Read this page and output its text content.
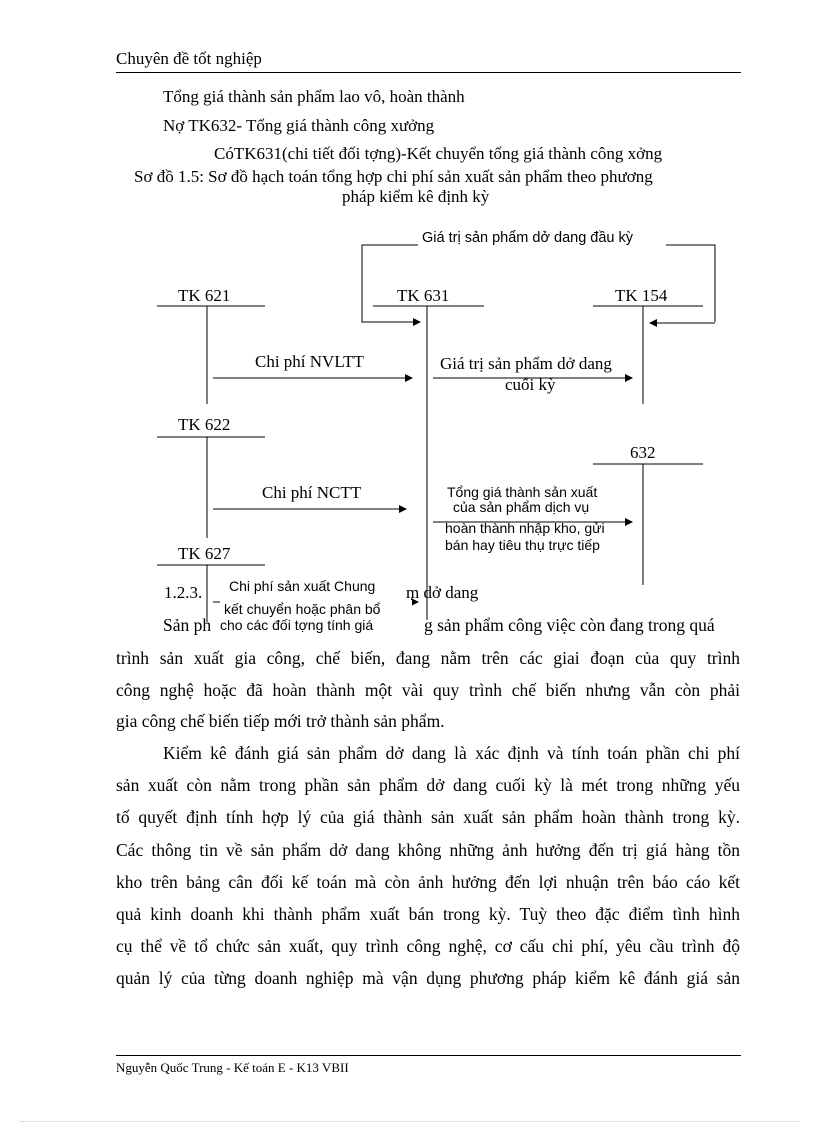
Chuyên đề tốt nghiệp
Tổng giá thành sản phẩm lao vô, hoàn thành
Nợ TK632- Tổng giá thành công xưởng
CóTK631(chi tiết đối tợng)-Kết chuyển tổng giá thành công xởng
Sơ đồ 1.5: Sơ đồ hạch toán tổng hợp chi phí sản xuất sản phẩm theo phương
pháp kiểm kê định kỳ
Giá trị sản phẩm dở dang đầu kỳ
TK 621	TK 631	TK 154
TK 622
632
TK 627
Chi phí NVLTT	Giá trị sản phẩm dở dang
cuối kỳ
Chi phí NCTT	Tổng giá thành sản xuất
của sản phẩm dịch vụ
hoàn thành nhập kho, gửi
bán hay tiêu thụ trực tiếp
Chi phí sản xuất Chung
kết chuyển hoặc phân bổ
cho các đối tợng tính giá
1.2.3.	m dở dang
Sản ph	g sản phẩm công việc còn đang trong quá
trình sản xuất gia công, chế biến, đang nằm trên các giai đoạn của quy trình
công nghệ hoặc đã hoàn thành một vài quy trình chế biến nhưng vẫn còn phải
gia công chế biến tiếp mới trở thành sản phẩm.
Kiểm kê đánh giá sản phẩm dở dang là xác định và tính toán phần chi phí
sản xuất còn nằm trong phần sản phẩm dở dang cuối kỳ là mét trong những yếu
tố quyết định tính hợp lý của giá thành sản xuất sản phẩm hoàn thành trong kỳ.
Các thông tin về sản phẩm dở dang không những ảnh hưởng đến trị giá hàng tồn
kho trên bảng cân đối kế toán mà còn ảnh hưởng đến lợi nhuận trên báo cáo kết
quả kinh doanh khi thành phẩm xuất bán trong kỳ. Tuỳ theo đặc điểm tình hình
cụ thể về tổ chức sản xuất, quy trình công nghệ, cơ cấu chi phí, yêu cầu trình độ
quản lý của từng doanh nghiệp mà vận dụng phương pháp kiểm kê đánh giá sản
Nguyễn Quốc Trung - Kế toán E - K13 VBII
